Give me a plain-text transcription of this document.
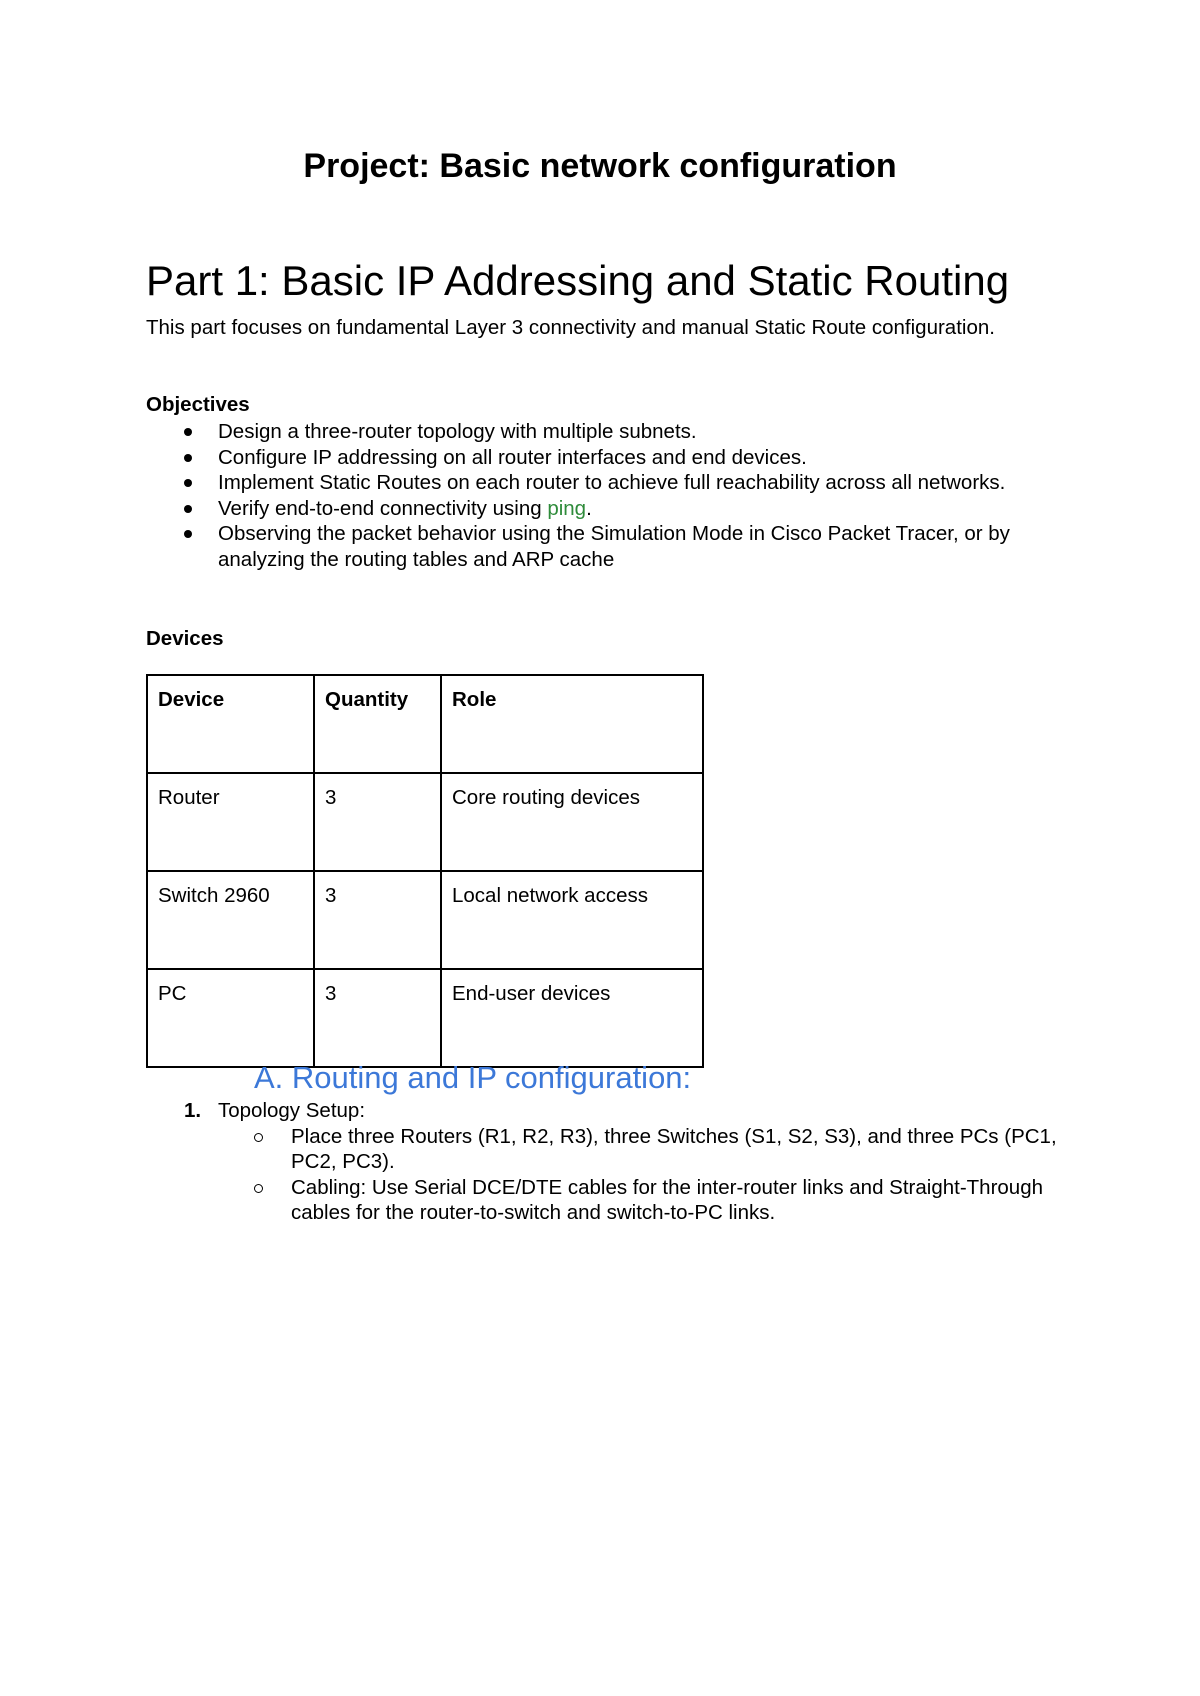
Project: Basic network configuration
Part 1: Basic IP Addressing and Static Routing
This part focuses on fundamental Layer 3 connectivity and manual Static Route configuration.
Objectives
Design a three-router topology with multiple subnets.
Configure IP addressing on all router interfaces and end devices.
Implement Static Routes on each router to achieve full reachability across all networks.
Verify end-to-end connectivity using ping.
Observing the packet behavior using the Simulation Mode in Cisco Packet Tracer, or by analyzing the routing tables and ARP cache
Devices
Device	Quantity	Role
Router	3	Core routing devices
Switch 2960	3	Local network access
PC	3	End-user devices
A. Routing and IP configuration:
1. Topology Setup:
Place three Routers (R1, R2, R3), three Switches (S1, S2, S3), and three PCs (PC1, PC2, PC3).
Cabling: Use Serial DCE/DTE cables for the inter-router links and Straight-Through cables for the router-to-switch and switch-to-PC links.
